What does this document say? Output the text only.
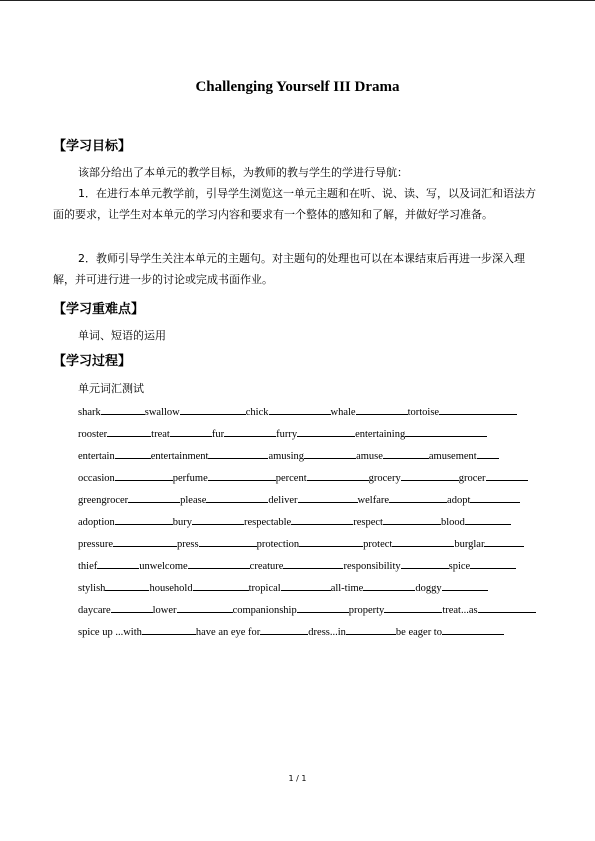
Challenging Yourself III Drama
【学习目标】
该部分给出了本单元的教学目标，为教师的教与学生的学进行导航：
1．在进行本单元教学前，引导学生浏览这一单元主题和在听、说、读、写，以及词汇和语法方面的要求，让学生对本单元的学习内容和要求有一个整体的感知和了解，并做好学习准备。
2．教师引导学生关注本单元的主题句。对主题句的处理也可以在本课结束后再进一步深入理解，并可进行进一步的讨论或完成书面作业。
【学习重难点】
单词、短语的运用
【学习过程】
单元词汇测试
shark	swallow	chick	whale	tortoise
rooster	treat	fur	furry	entertaining
entertain	entertainment	amusing	amuse	amusement
occasion	perfume	percent	grocery	grocer
greengrocer	please	deliver	welfare	adopt
adoption	bury	respectable	respect	blood
pressure	press	protection	protect	burglar
thief	unwelcome	creature	responsibility	spice
stylish	household	tropical	all-time	doggy
daycare	lower	companionship	property	treat...as
spice up ...with	have an eye for	dress...in	be eager to
1 / 1
